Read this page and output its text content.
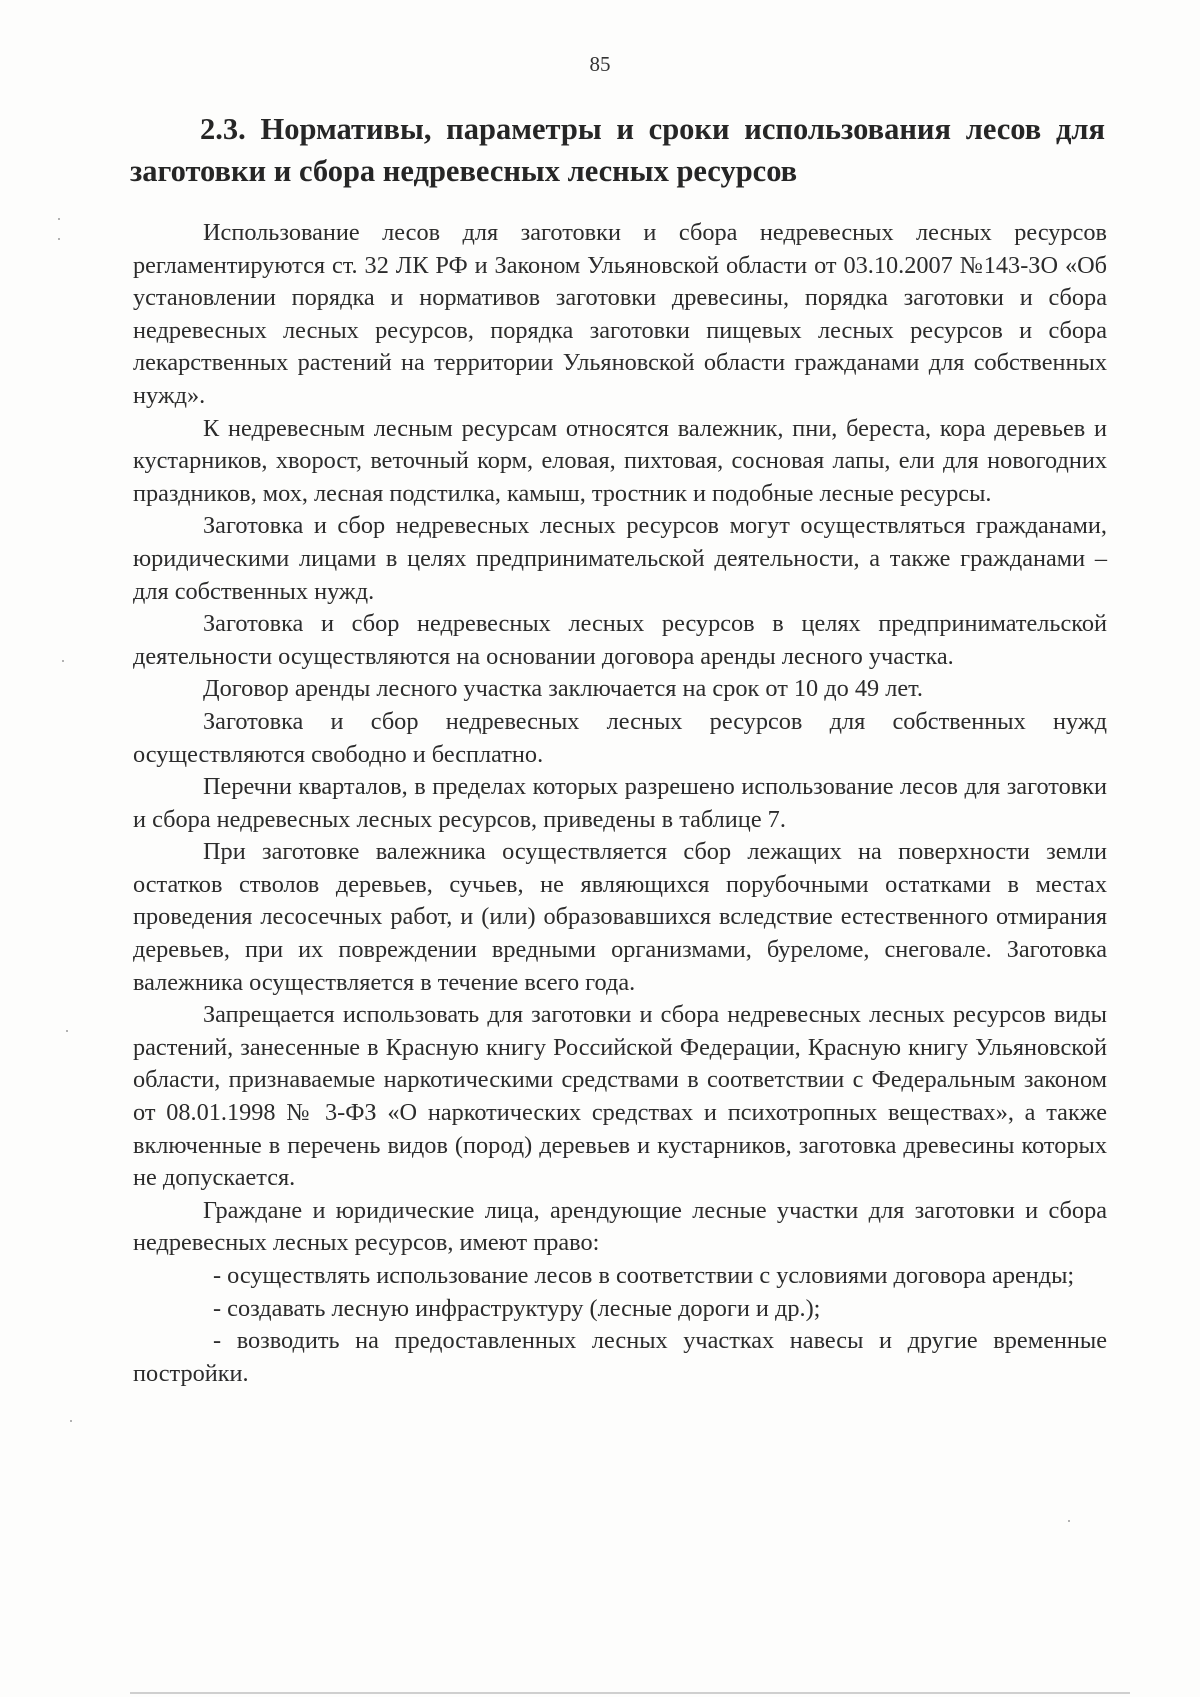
85
2.3. Нормативы, параметры и сроки использования лесов для заготовки и сбора недревесных лесных ресурсов

Использование лесов для заготовки и сбора недревесных лесных ресурсов регламентируются ст. 32 ЛК РФ и Законом Ульяновской области от 03.10.2007 №143-ЗО «Об установлении порядка и нормативов заготовки древесины, порядка заготовки и сбора недревесных лесных ресурсов, порядка заготовки пищевых лесных ресурсов и сбора лекарственных растений на территории Ульяновской области гражданами для собственных нужд».

К недревесным лесным ресурсам относятся валежник, пни, береста, кора деревьев и кустарников, хворост, веточный корм, еловая, пихтовая, сосновая лапы, ели для новогодних праздников, мох, лесная подстилка, камыш, тростник и подобные лесные ресурсы.

Заготовка и сбор недревесных лесных ресурсов могут осуществляться гражданами, юридическими лицами в целях предпринимательской деятельности, а также гражданами – для собственных нужд.

Заготовка и сбор недревесных лесных ресурсов в целях предпринимательской деятельности осуществляются на основании договора аренды лесного участка.

Договор аренды лесного участка заключается на срок от 10 до 49 лет.

Заготовка и сбор недревесных лесных ресурсов для собственных нужд осуществляются свободно и бесплатно.

Перечни кварталов, в пределах которых разрешено использование лесов для заготовки и сбора недревесных лесных ресурсов, приведены в таблице 7.

При заготовке валежника осуществляется сбор лежащих на поверхности земли остатков стволов деревьев, сучьев, не являющихся порубочными остатками в местах проведения лесосечных работ, и (или) образовавшихся вследствие естественного отмирания деревьев, при их повреждении вредными организмами, буреломе, снеговале. Заготовка валежника осуществляется в течение всего года.

Запрещается использовать для заготовки и сбора недревесных лесных ресурсов виды растений, занесенные в Красную книгу Российской Федерации, Красную книгу Ульяновской области, признаваемые наркотическими средствами в соответствии с Федеральным законом от 08.01.1998 № 3-ФЗ «О наркотических средствах и психотропных веществах», а также включенные в перечень видов (пород) деревьев и кустарников, заготовка древесины которых не допускается.

Граждане и юридические лица, арендующие лесные участки для заготовки и сбора недревесных лесных ресурсов, имеют право:

- осуществлять использование лесов в соответствии с условиями договора аренды;

- создавать лесную инфраструктуру (лесные дороги и др.);

- возводить на предоставленных лесных участках навесы и другие временные постройки.
